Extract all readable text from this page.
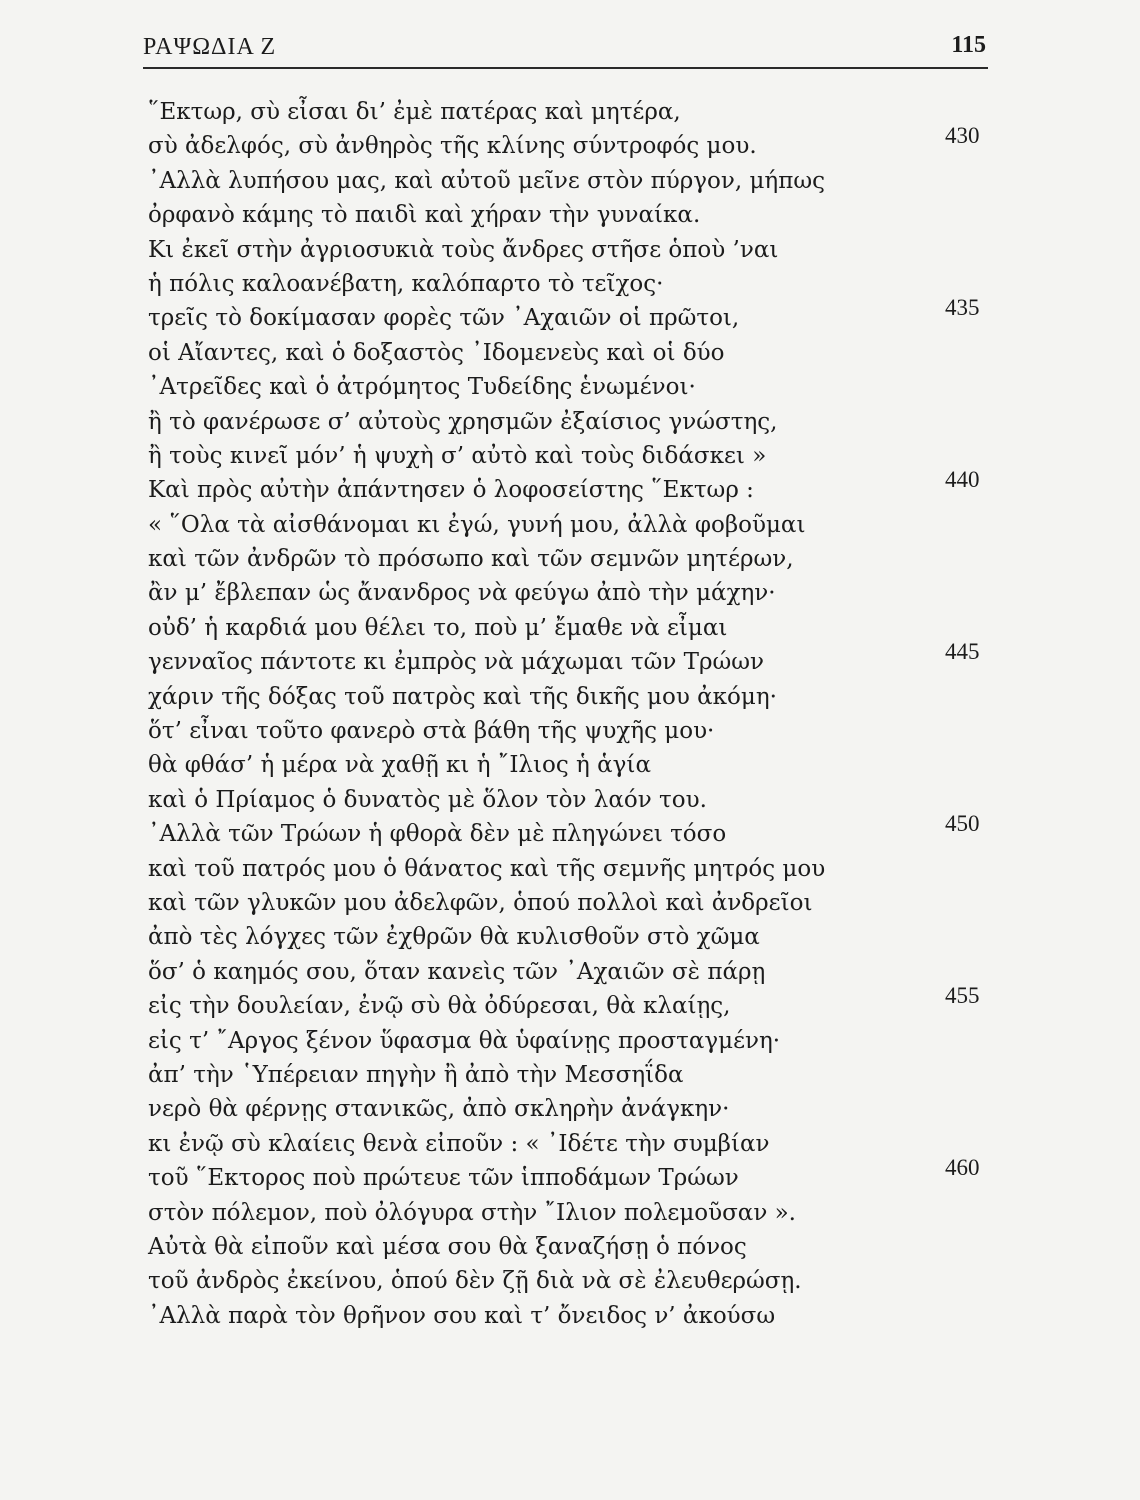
ΡΑΨΩΔΙΑ Ζ	115
῞Εκτωρ, σὺ εἶσαι δι’ ἐμὲ πατέρας καὶ μητέρα,
σὺ ἀδελφός, σὺ ἀνθηρὸς τῆς κλίνης σύντροφός μου.	430
᾿Αλλὰ λυπήσου μας, καὶ αὐτοῦ μεῖνε στὸν πύργον, μήπως
ὀρφανὸ κάμης τὸ παιδὶ καὶ χήραν τὴν γυναίκα.
Κι ἐκεῖ στὴν ἀγριοσυκιὰ τοὺς ἄνδρες στῆσε ὁποὺ ’ναι
ἡ πόλις καλοανέβατη, καλόπαρτο τὸ τεῖχος·
τρεῖς τὸ δοκίμασαν φορὲς τῶν ᾿Αχαιῶν οἱ πρῶτοι,	435
οἱ Αἴαντες, καὶ ὁ δοξαστὸς ᾿Ιδομενεὺς καὶ οἱ δύο
᾿Ατρεῖδες καὶ ὁ ἀτρόμητος Τυδείδης ἑνωμένοι·
ἢ τὸ φανέρωσε σ’ αὐτοὺς χρησμῶν ἐξαίσιος γνώστης,
ἢ τοὺς κινεῖ μόν’ ἡ ψυχὴ σ’ αὐτὸ καὶ τοὺς διδάσκει »
Καὶ πρὸς αὐτὴν ἀπάντησεν ὁ λοφοσείστης ῞Εκτωρ :	440
« ῞Ολα τὰ αἰσθάνομαι κι ἐγώ, γυνή μου, ἀλλὰ φοβοῦμαι
καὶ τῶν ἀνδρῶν τὸ πρόσωπο καὶ τῶν σεμνῶν μητέρων,
ἂν μ’ ἔβλεπαν ὡς ἄνανδρος νὰ φεύγω ἀπὸ τὴν μάχην·
οὐδ’ ἡ καρδιά μου θέλει το, ποὺ μ’ ἔμαθε νὰ εἶμαι
γενναῖος πάντοτε κι ἐμπρὸς νὰ μάχωμαι τῶν Τρώων	445
χάριν τῆς δόξας τοῦ πατρὸς καὶ τῆς δικῆς μου ἀκόμη·
ὅτ’ εἶναι τοῦτο φανερὸ στὰ βάθη τῆς ψυχῆς μου·
θὰ φθάσ’ ἡ μέρα νὰ χαθῇ κι ἡ ῎Ιλιος ἡ ἁγία
καὶ ὁ Πρίαμος ὁ δυνατὸς μὲ ὅλον τὸν λαόν του.
᾿Αλλὰ τῶν Τρώων ἡ φθορὰ δὲν μὲ πληγώνει τόσο	450
καὶ τοῦ πατρός μου ὁ θάνατος καὶ τῆς σεμνῆς μητρός μου
καὶ τῶν γλυκῶν μου ἀδελφῶν, ὁπού πολλοὶ καὶ ἀνδρεῖοι
ἀπὸ τὲς λόγχες τῶν ἐχθρῶν θὰ κυλισθοῦν στὸ χῶμα
ὅσ’ ὁ καημός σου, ὅταν κανεὶς τῶν ᾿Αχαιῶν σὲ πάρῃ
εἰς τὴν δουλείαν, ἐνῷ σὺ θὰ ὀδύρεσαι, θὰ κλαίῃς,	455
εἰς τ’ ῎Αργος ξένον ὕφασμα θὰ ὑφαίνῃς προσταγμένη·
ἀπ’ τὴν ῾Υπέρειαν πηγὴν ἢ ἀπὸ τὴν Μεσσηΐδα
νερὸ θὰ φέρνῃς στανικῶς, ἀπὸ σκληρὴν ἀνάγκην·
κι ἐνῷ σὺ κλαίεις θενὰ εἰποῦν : « ᾿Ιδέτε τὴν συμβίαν
τοῦ ῞Εκτορος ποὺ πρώτευε τῶν ἱπποδάμων Τρώων	460
στὸν πόλεμον, ποὺ ὀλόγυρα στὴν ῎Ιλιον πολεμοῦσαν ».
Αὐτὰ θὰ εἰποῦν καὶ μέσα σου θὰ ξαναζήσῃ ὁ πόνος
τοῦ ἀνδρὸς ἐκείνου, ὁπού δὲν ζῇ διὰ νὰ σὲ ἐλευθερώσῃ.
᾿Αλλὰ παρὰ τὸν θρῆνον σου καὶ τ’ ὄνειδος ν’ ἀκούσω
